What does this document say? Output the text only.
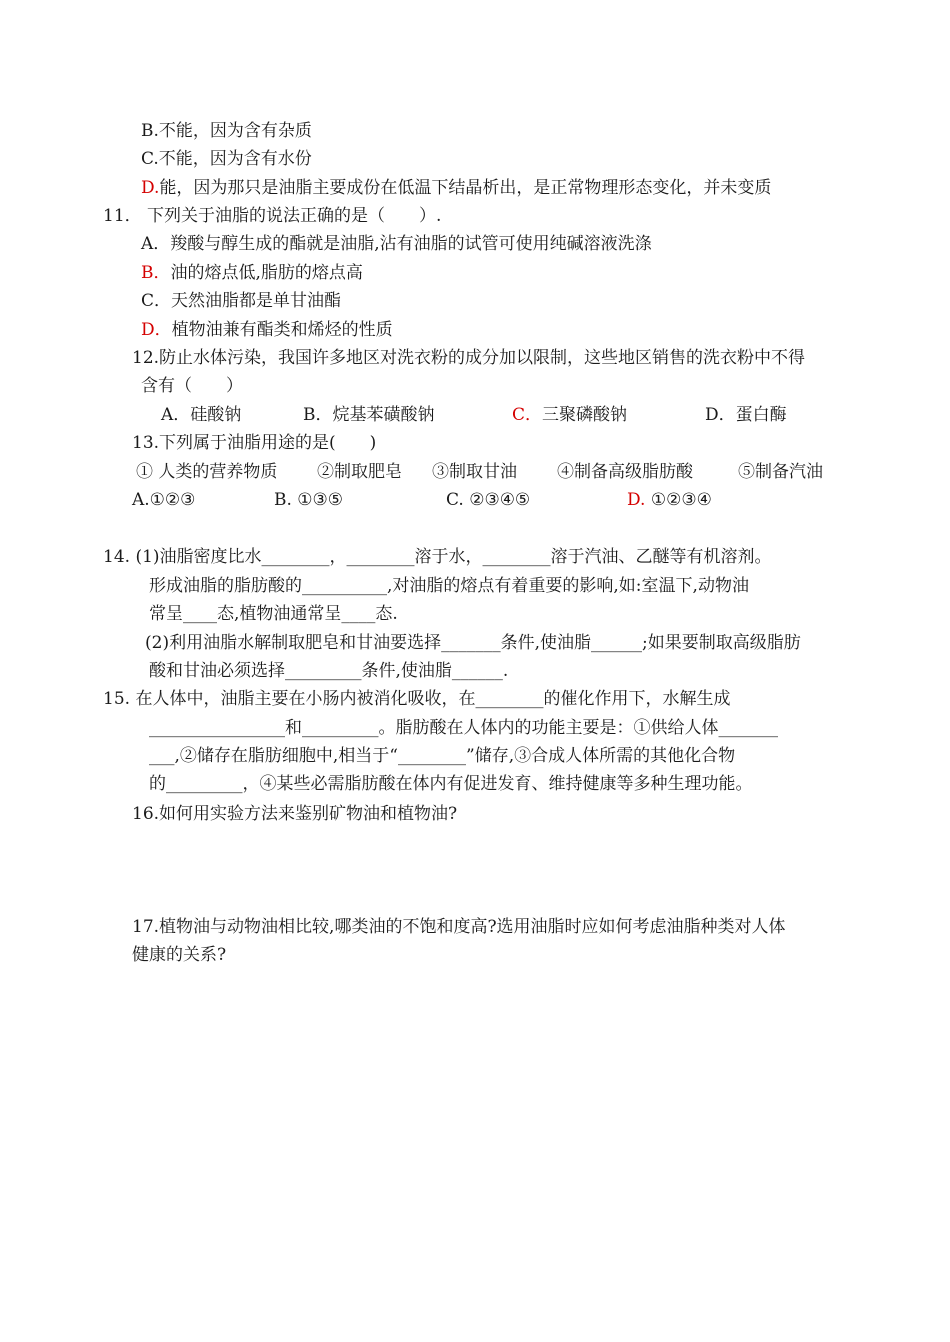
B.不能，因为含有杂质
C.不能，因为含有水份
D.能，因为那只是油脂主要成份在低温下结晶析出，是正常物理形态变化，并未变质
11． 下列关于油脂的说法正确的是（　　）.
A．羧酸与醇生成的酯就是油脂,沾有油脂的试管可使用纯碱溶液洗涤
B．油的熔点低,脂肪的熔点高
C．天然油脂都是单甘油酯
D．植物油兼有酯类和烯烃的性质
12.防止水体污染，我国许多地区对洗衣粉的成分加以限制，这些地区销售的洗衣粉中不得
含有（　　）
A．硅酸钠	B．烷基苯磺酸钠	C．三聚磷酸钠	D．蛋白酶
13.下列属于油脂用途的是(　　)
① 人类的营养物质 ②制取肥皂 ③制取甘油 ④制备高级脂肪酸	⑤制备汽油
A.①②③	B. ①③⑤	C. ②③④⑤	D. ①②③④
14. (1)油脂密度比水________，________溶于水，________溶于汽油、乙醚等有机溶剂。
形成油脂的脂肪酸的__________,对油脂的熔点有着重要的影响,如:室温下,动物油
常呈____态,植物油通常呈____态.
(2)利用油脂水解制取肥皂和甘油要选择_______条件,使油脂______;如果要制取高级脂肪
酸和甘油必须选择_________条件,使油脂______.
15. 在人体中，油脂主要在小肠内被消化吸收，在________的催化作用下，水解生成
________________和_________。脂肪酸在人体内的功能主要是：①供给人体_______
___,②储存在脂肪细胞中,相当于“________”储存,③合成人体所需的其他化合物
的_________，④某些必需脂肪酸在体内有促进发育、维持健康等多种生理功能。
16.如何用实验方法来鉴别矿物油和植物油?
17.植物油与动物油相比较,哪类油的不饱和度高?选用油脂时应如何考虑油脂种类对人体
健康的关系?
